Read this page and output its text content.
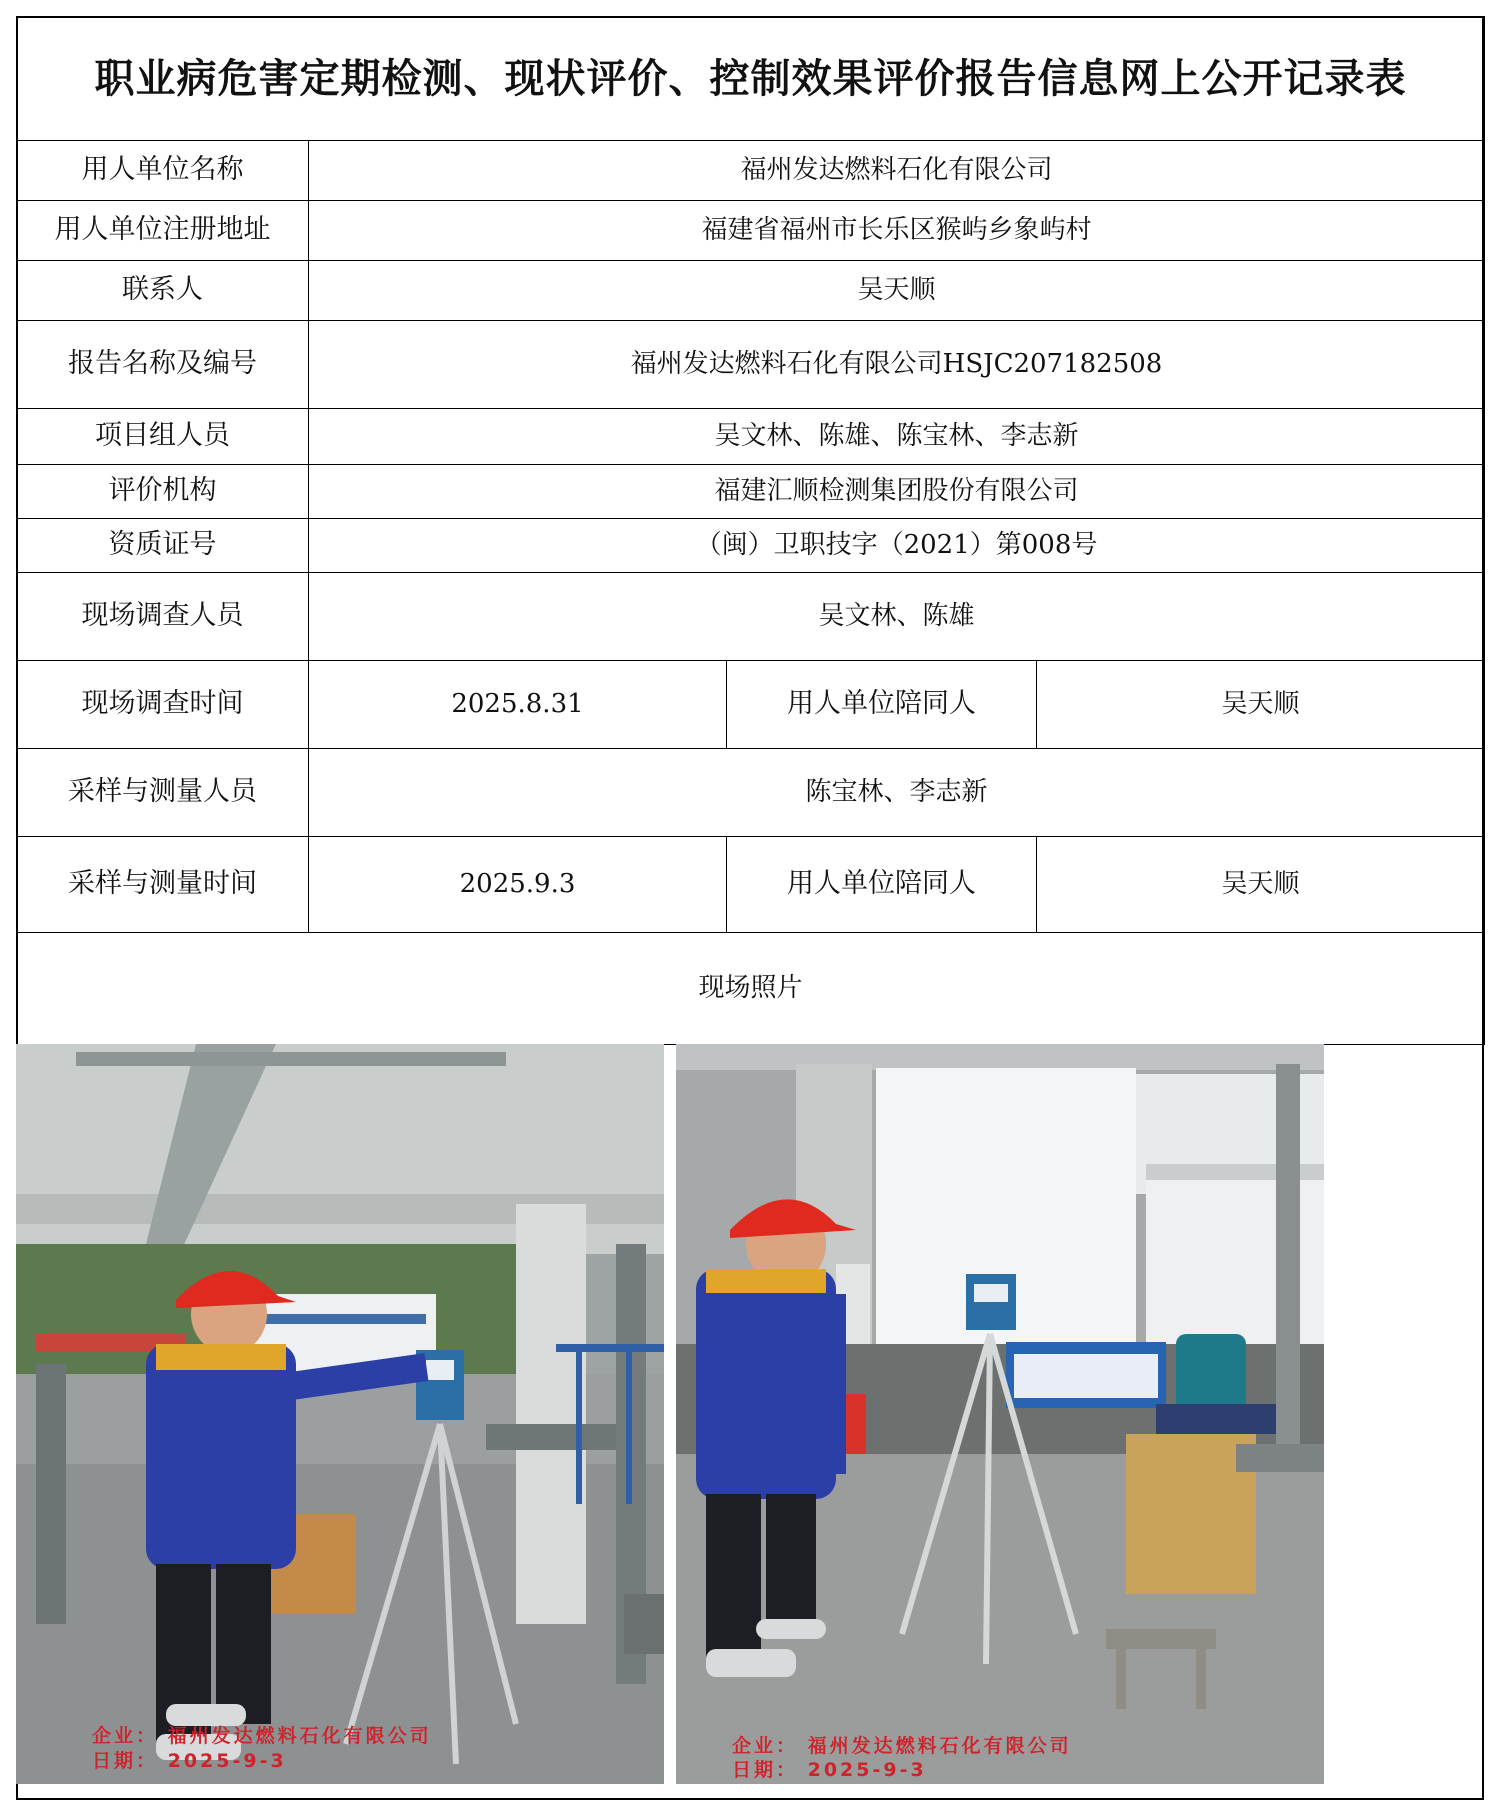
职业病危害定期检测、现状评价、控制效果评价报告信息网上公开记录表			
用人单位名称	福州发达燃料石化有限公司		
用人单位注册地址	福建省福州市长乐区猴屿乡象屿村		
联系人	吴天顺		
报告名称及编号	福州发达燃料石化有限公司HSJC207182508		
项目组人员	吴文林、陈雄、陈宝林、李志新		
评价机构	福建汇顺检测集团股份有限公司		
资质证号	（闽）卫职技字（2021）第008号		
现场调查人员	吴文林、陈雄		
现场调查时间	2025.8.31	用人单位陪同人	吴天顺
采样与测量人员	陈宝林、李志新		
采样与测量时间	2025.9.3	用人单位陪同人	吴天顺
现场照片			
企业： 福州发达燃料石化有限公司
日期： 2025-9-3
企业： 福州发达燃料石化有限公司
日期： 2025-9-3
